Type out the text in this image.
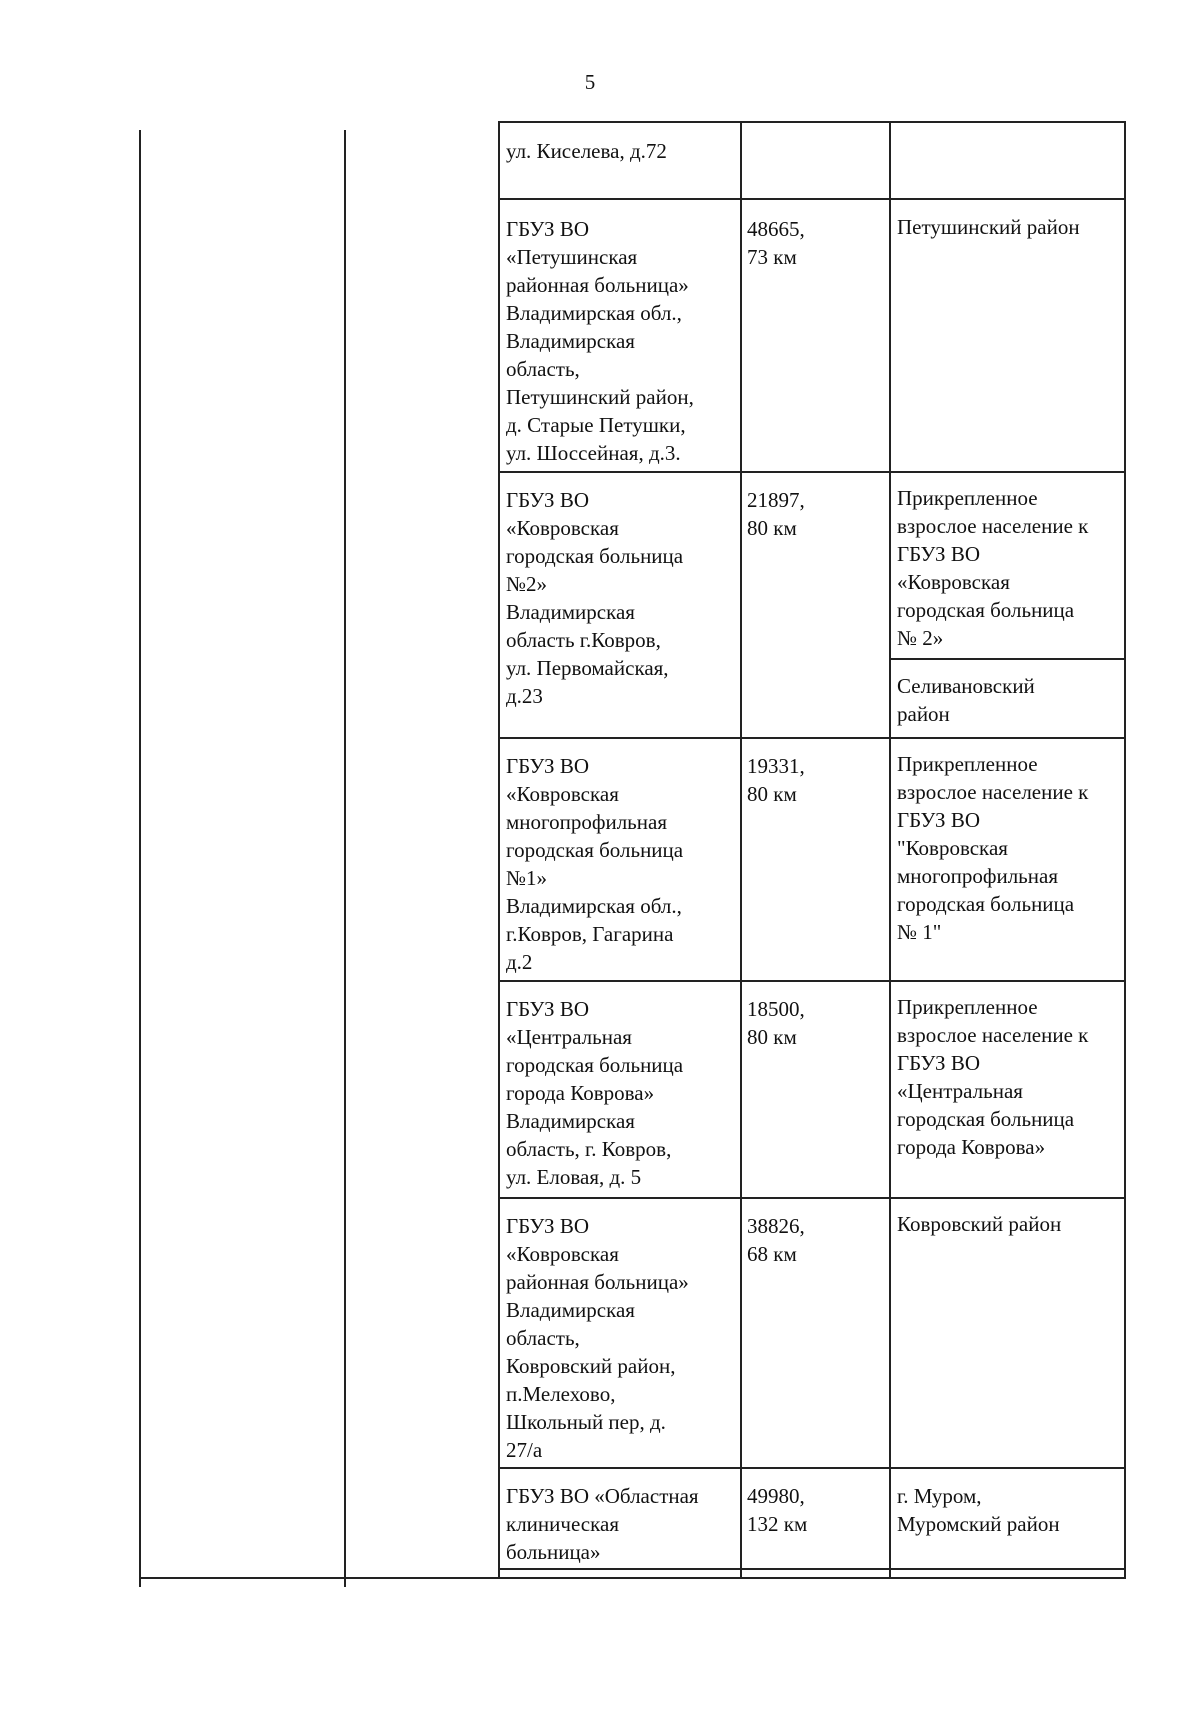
5
ул. Киселева, д.72
ГБУЗ ВО
«Петушинская
районная больница»
Владимирская обл.,
Владимирская
область,
Петушинский район,
д. Старые Петушки,
ул. Шоссейная, д.3.
48665,
73 км
Петушинский район
ГБУЗ ВО
«Ковровская
городская больница
№2»
Владимирская
область г.Ковров,
ул. Первомайская,
д.23
21897,
80 км
Прикрепленное
взрослое население к
ГБУЗ ВО
«Ковровская
городская больница
№ 2»
Селивановский
район
ГБУЗ ВО
«Ковровская
многопрофильная
городская больница
№1»
Владимирская обл.,
г.Ковров, Гагарина
д.2
19331,
80 км
Прикрепленное
взрослое население к
ГБУЗ ВО
"Ковровская
многопрофильная
городская больница
№ 1"
ГБУЗ ВО
«Центральная
городская больница
города Коврова»
Владимирская
область, г. Ковров,
ул. Еловая, д. 5
18500,
80 км
Прикрепленное
взрослое население к
ГБУЗ ВО
«Центральная
городская больница
города Коврова»
ГБУЗ ВО
«Ковровская
районная больница»
Владимирская
область,
Ковровский район,
п.Мелехово,
Школьный пер, д.
27/а
38826,
68 км
Ковровский район
ГБУЗ ВО «Областная
клиническая
больница»
49980,
132 км
г. Муром,
Муромский район
